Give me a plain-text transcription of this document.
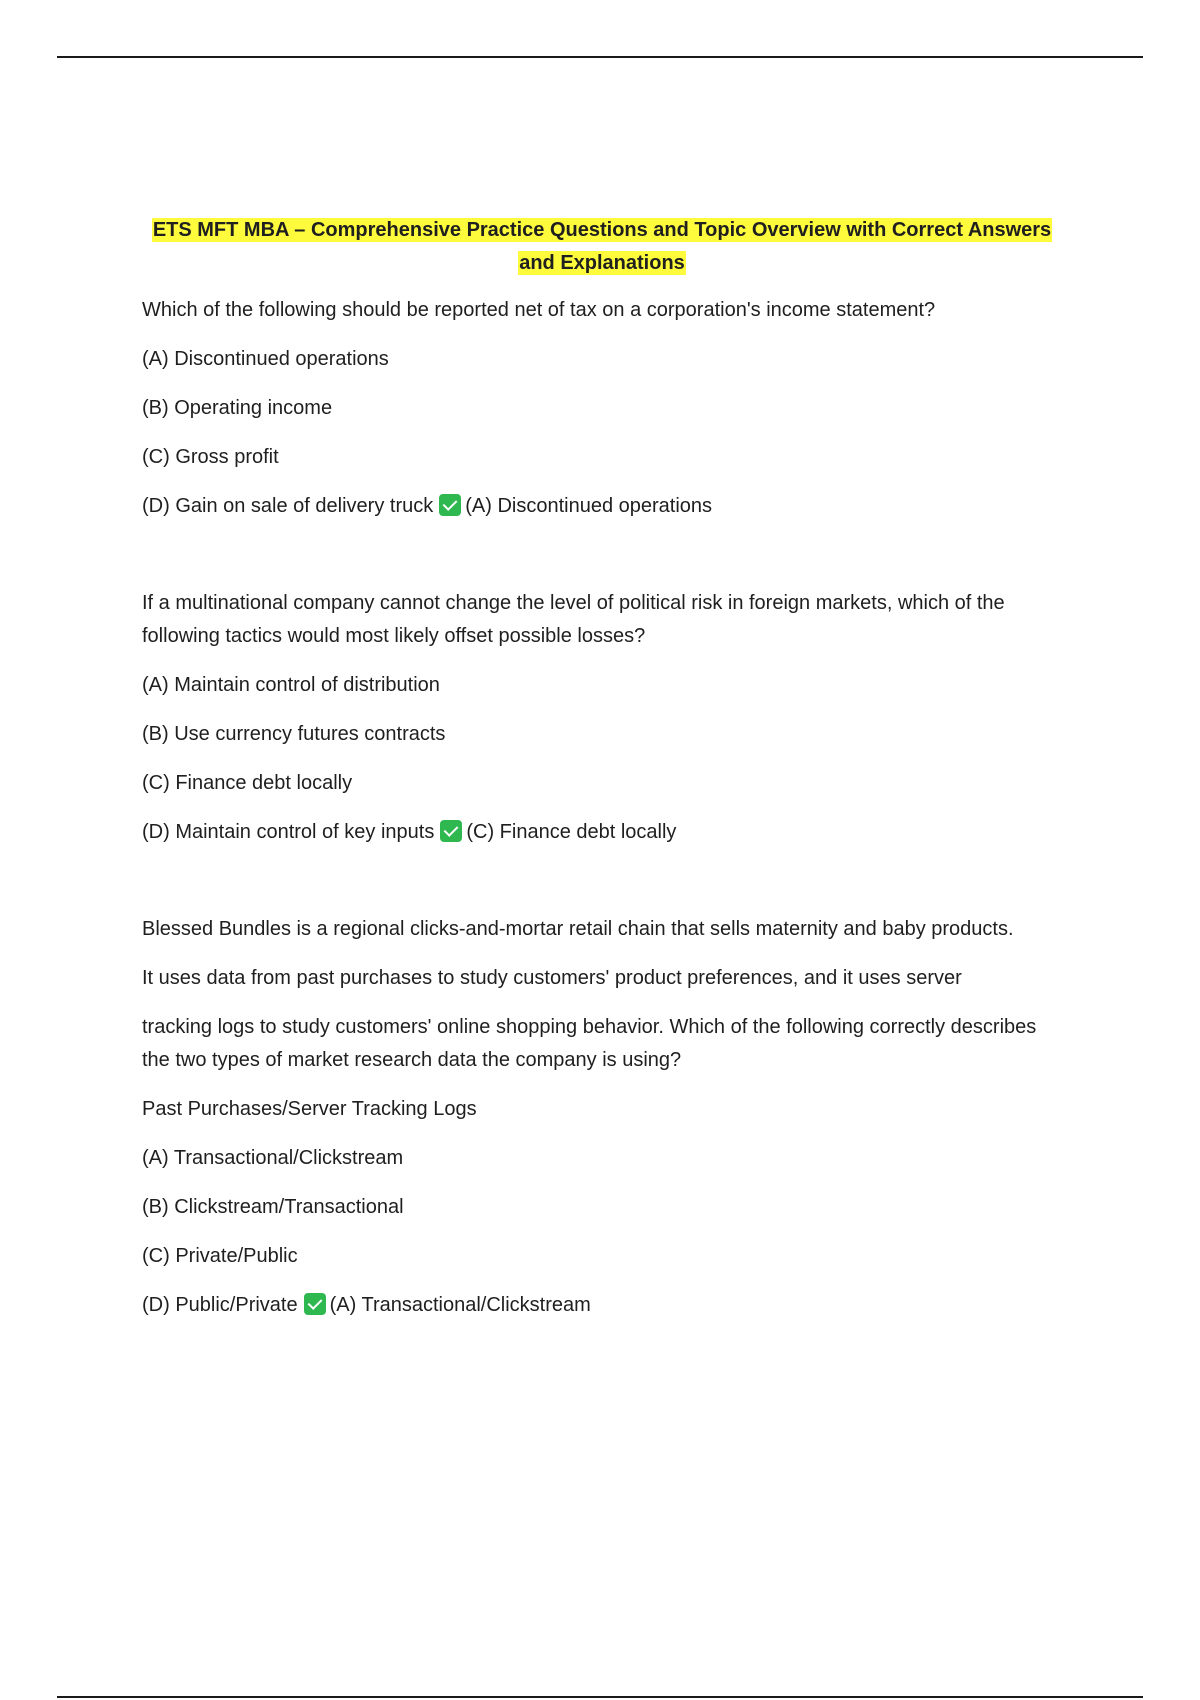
ETS MFT MBA – Comprehensive Practice Questions and Topic Overview with Correct Answers and Explanations
Which of the following should be reported net of tax on a corporation's income statement?
(A) Discontinued operations
(B) Operating income
(C) Gross profit
(D) Gain on sale of delivery truck (A) Discontinued operations
If a multinational company cannot change the level of political risk in foreign markets, which of the following tactics would most likely offset possible losses?
(A) Maintain control of distribution
(B) Use currency futures contracts
(C) Finance debt locally
(D) Maintain control of key inputs (C) Finance debt locally
Blessed Bundles is a regional clicks-and-mortar retail chain that sells maternity and baby products.
It uses data from past purchases to study customers' product preferences, and it uses server
tracking logs to study customers' online shopping behavior. Which of the following correctly describes the two types of market research data the company is using?
Past Purchases/Server Tracking Logs
(A) Transactional/Clickstream
(B) Clickstream/Transactional
(C) Private/Public
(D) Public/Private (A) Transactional/Clickstream
